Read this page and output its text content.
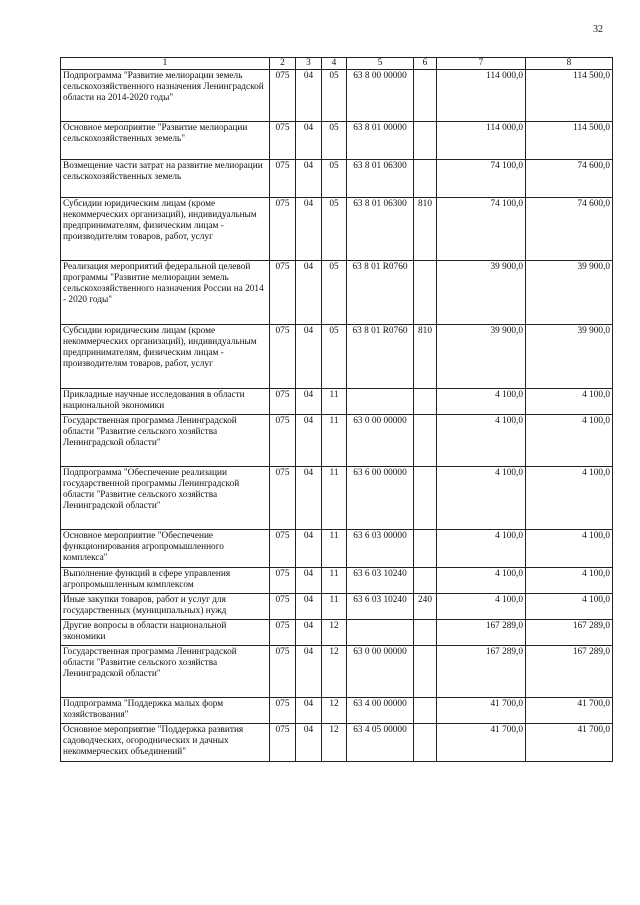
32
1	2	3	4	5	6	7	8
Подпрограмма "Развитие мелиорации земель сельскохозяйственного назначения Ленинградской области на 2014-2020 годы"	075	04	05	63 8 00 00000		114 000,0	114 500,0
Основное мероприятие "Развитие мелиорации сельскохозяйственных земель"	075	04	05	63 8 01 00000		114 000,0	114 500,0
Возмещение части затрат на развитие мелиорации сельскохозяйственных земель	075	04	05	63 8 01 06300		74 100,0	74 600,0
Субсидии юридическим лицам (кроме некоммерческих организаций), индивидуальным предпринимателям, физическим лицам - производителям товаров, работ, услуг	075	04	05	63 8 01 06300	810	74 100,0	74 600,0
Реализация мероприятий федеральной целевой программы "Развитие мелиорации земель сельскохозяйственного назначения России на 2014 - 2020 годы"	075	04	05	63 8 01 R0760		39 900,0	39 900,0
Субсидии юридическим лицам (кроме некоммерческих организаций), индивидуальным предпринимателям, физическим лицам - производителям товаров, работ, услуг	075	04	05	63 8 01 R0760	810	39 900,0	39 900,0
Прикладные научные исследования в области национальной экономики	075	04	11			4 100,0	4 100,0
Государственная программа Ленинградской области "Развитие сельского хозяйства Ленинградской области"	075	04	11	63 0 00 00000		4 100,0	4 100,0
Подпрограмма "Обеспечение реализации государственной программы Ленинградской области "Развитие сельского хозяйства Ленинградской области"	075	04	11	63 6 00 00000		4 100,0	4 100,0
Основное мероприятие "Обеспечение функционирования агропромышленного комплекса"	075	04	11	63 6 03 00000		4 100,0	4 100,0
Выполнение функций в сфере управления агропромышленным комплексом	075	04	11	63 6 03 10240		4 100,0	4 100,0
Иные закупки товаров, работ и услуг для государственных (муниципальных) нужд	075	04	11	63 6 03 10240	240	4 100,0	4 100,0
Другие вопросы в области национальной экономики	075	04	12			167 289,0	167 289,0
Государственная программа Ленинградской области "Развитие сельского хозяйства Ленинградской области"	075	04	12	63 0 00 00000		167 289,0	167 289,0
Подпрограмма "Поддержка малых форм хозяйствования"	075	04	12	63 4 00 00000		41 700,0	41 700,0
Основное мероприятие "Поддержка развития садоводческих, огороднических и дачных некоммерческих объединений"	075	04	12	63 4 05 00000		41 700,0	41 700,0
